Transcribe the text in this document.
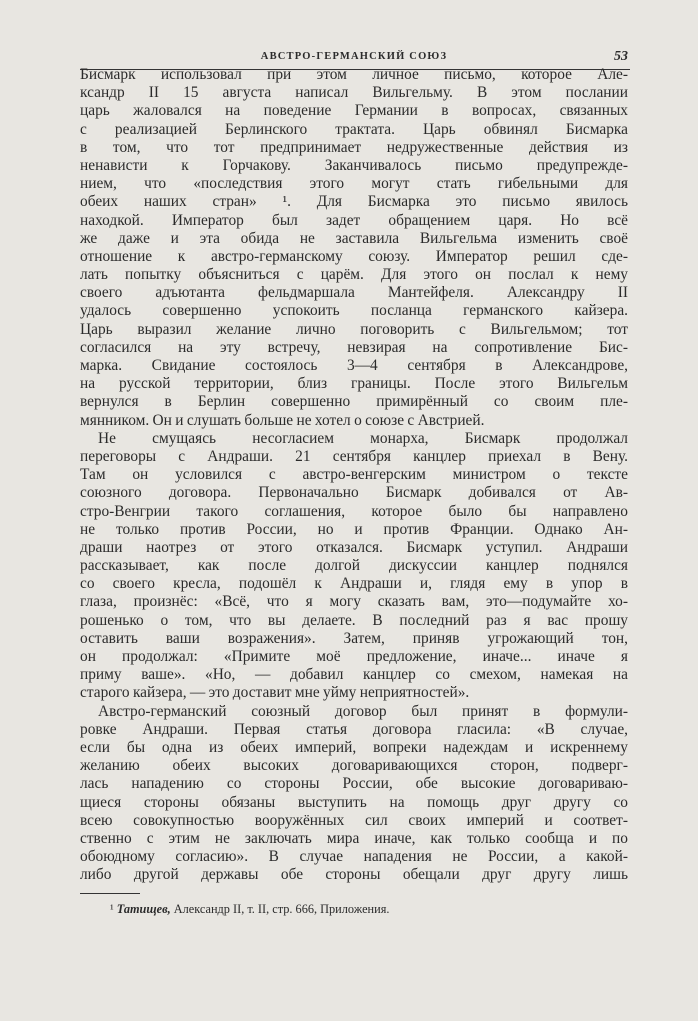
АВСТРО-ГЕРМАНСКИЙ СОЮЗ	53
Бисмарк использовал при этом личное письмо, которое Але-
ксандр II 15 августа написал Вильгельму. В этом послании
царь жаловался на поведение Германии в вопросах, связанных
с реализацией Берлинского трактата. Царь обвинял Бисмарка
в том, что тот предпринимает недружественные действия из
ненависти к Горчакову. Заканчивалось письмо предупрежде-
нием, что «последствия этого могут стать гибельными для
обеих наших стран» ¹. Для Бисмарка это письмо явилось
находкой. Император был задет обращением царя. Но всё
же даже и эта обида не заставила Вильгельма изменить своё
отношение к австро-германскому союзу. Император решил сде-
лать попытку объясниться с царём. Для этого он послал к нему
своего адъютанта фельдмаршала Мантейфеля. Александру II
удалось совершенно успокоить посланца германского кайзера.
Царь выразил желание лично поговорить с Вильгельмом; тот
согласился на эту встречу, невзирая на сопротивление Бис-
марка. Свидание состоялось 3—4 сентября в Александрове,
на русской территории, близ границы. После этого Вильгельм
вернулся в Берлин совершенно примирённый со своим пле-
мянником. Он и слушать больше не хотел о союзе с Австрией.
Не смущаясь несогласием монарха, Бисмарк продолжал
переговоры с Андраши. 21 сентября канцлер приехал в Вену.
Там он условился с австро-венгерским министром о тексте
союзного договора. Первоначально Бисмарк добивался от Ав-
стро-Венгрии такого соглашения, которое было бы направлено
не только против России, но и против Франции. Однако Ан-
драши наотрез от этого отказался. Бисмарк уступил. Андраши
рассказывает, как после долгой дискуссии канцлер поднялся
со своего кресла, подошёл к Андраши и, глядя ему в упор в
глаза, произнёс: «Всё, что я могу сказать вам, это—подумайте хо-
рошенько о том, что вы делаете. В последний раз я вас прошу
оставить ваши возражения». Затем, приняв угрожающий тон,
он продолжал: «Примите моё предложение, иначе... иначе я
приму ваше». «Но, — добавил канцлер со смехом, намекая на
старого кайзера, — это доставит мне уйму неприятностей».
Австро-германский союзный договор был принят в формули-
ровке Андраши. Первая статья договора гласила: «В случае,
если бы одна из обеих империй, вопреки надеждам и искреннему
желанию обеих высоких договаривающихся сторон, подверг-
лась нападению со стороны России, обе высокие договариваю-
щиеся стороны обязаны выступить на помощь друг другу со
всею совокупностью вооружённых сил своих империй и соответ-
ственно с этим не заключать мира иначе, как только сообща и по
обоюдному согласию». В случае нападения не России, а какой-
либо другой державы обе стороны обещали друг другу лишь
¹ Татищев, Александр II, т. II, стр. 666, Приложения.
